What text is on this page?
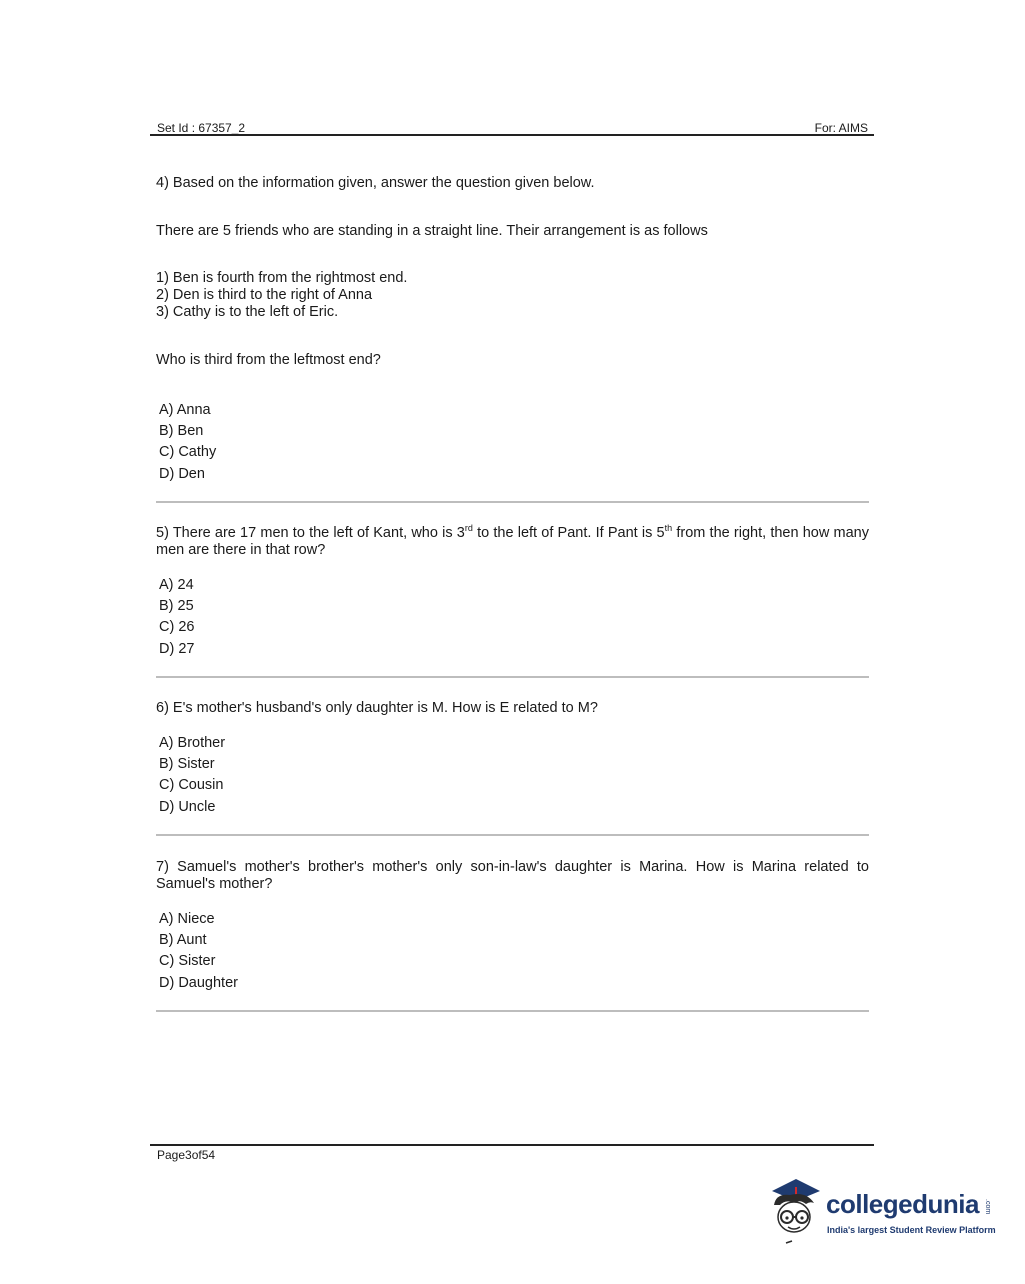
Set Id : 67357_2	For: AIMS
4) Based on the information given, answer the question given below.
There are 5 friends who are standing in a straight line. Their arrangement is as follows
1) Ben is fourth from the rightmost end.
2) Den is third to the right of Anna
3) Cathy is to the left of Eric.
Who is third from the leftmost end?
A) Anna
B) Ben
C) Cathy
D) Den
5) There are 17 men to the left of Kant, who is 3rd to the left of Pant. If Pant is 5th from the right, then how many men are there in that row?
A) 24
B) 25
C) 26
D) 27
6) E's mother's husband's only daughter is M. How is E related to M?
A) Brother
B) Sister
C) Cousin
D) Uncle
7) Samuel's mother's brother's mother's only son-in-law's daughter is Marina. How is Marina related to Samuel's mother?
A) Niece
B) Aunt
C) Sister
D) Daughter
Page3of54
collegedunia .com
India's largest Student Review Platform
